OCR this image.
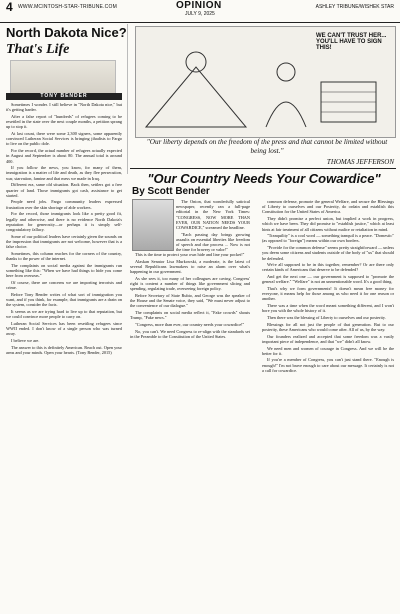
4 WWW.MCINTOSH-STAR-TRIBUNE.COM	OPINION
JULY 9, 2025
ASHLEY TRIBUNE/WISHEK STAR
North Dakota Nice?
That's Life
TONY BENDER

Sometimes I wonder. I still believe in "North Dakota nice," but it's getting harder.

After a false report of "hundreds" of refugees coming to be resettled in the state over the next couple months, a petition sprang up to stop it.

At last count, there were some 2,300 signers, some apparently convinced Lutheran Social Services is bringing jihadists to Fargo to live on the public dole.

For the record, the actual number of refugees actually expected in August and September is about 80. The annual total is around 400.

If you follow the news, you know, for many of them, immigration is a matter of life and death, as they flee persecution, war, starvation, famine and that mess we made in Iraq.

Different era, same old situation. Back then, settlers got a free quarter of land. Those immigrants got cash, assistance to get started.

People need jobs. Fargo community leaders expressed frustration over the skin shortage of able workers.

For the record, those immigrants look like a pretty good fit, legally and otherwise, and there is no evidence North Dakota's reputation for generosity—or perhaps it is simply self-congratulatory fallacy.

Some of our political leaders have certainly given the sounds on the impression that immigrants are not welcome, however that is a false choice.

Sometimes, this column reaches for the corners of the country, thanks to the power of the internet.

The complaints on social media against the immigrants run something like this: "When we have had things to hide you come here from overseas."

Of course, there are concerns we are importing terrorists and crime.

Before Tony Bender writes of what sort of immigration you want, and if you think, for example, that immigrants are a drain on the system, consider the facts.

It seems as we are trying hard to live up to that reputation, but we could convince more people to carry on.

Lutheran Social Services has been resettling refugees since WWII ended. I don't know of a single person who was turned away.

I believe we are.

The answer to this is definitely American. Reach out. Open your arms and your minds. Open your hearts. (Tony Bender, 2015)

WE CAN'T TRUST HER... YOU'LL HAVE TO SIGN THIS!
"Our liberty depends on the freedom of the press and that cannot be limited without being lost."
THOMAS JEFFERSON
"Our Country Needs Your Cowardice"
By Scott Bender

The Onion, that wonderfully satirical newspaper, recently ran a full-page editorial in the New York Times: "CONGRESS, NOW MORE THAN EVER, OUR NATION NEEDS YOUR COWARDICE," screamed the headline.

"Each passing day brings growing assaults on essential liberties like freedom of speech and due process ... Now is not the time for bravery or valor!"

This is the time to protect your own hide and line your pocket!"

Alaskan Senator Lisa Murkowski, a moderate, is the latest of several Republicans lawmakers to raise an alarm over what's happening in our government.

As she sees it, too many of her colleagues are caving. Congress' right is content a number of things like government slicing and spending, regulating trade, overseeing foreign policy.

Before Secretary of State Rubio, and George was the speaker of the House and the Senate voice, they said, "We must never adjust to the convenience of our dialogue."

The complaints on social media reflect it, "Fake crowds" shouts Trump, "Fake news."

"Congress, more than ever, our country needs your cowardice!"

No, you can't. We need Congress to re-align with the standards set in the Preamble to the Constitution of the United States.

common defense, promote the general Welfare, and secure the Blessings of Liberty to ourselves and our Posterity, do ordain and establish this Constitution for the United States of America.

They didn't promise a perfect union, but implied a work in progress, which we have been. They did promise to "establish justice," which at least hints at fair treatment of all citizens without malice or retaliation in mind.

"Tranquility" is a cool word — something tranquil is a peace. "Domestic" (as opposed to "foreign") means within our own borders.

"Provide for the common defense" seems pretty straightforward — unless you deem some citizens and students outside of the body of "us" that should be defended.

We're all supposed to be in this together, remember? Or are there only certain kinds of Americans that deserve to be defended?

And get the next one — our government is supposed to "promote the general welfare." "Welfare" is not an unmentionable word. It's a good thing.

That's why we form governments! It doesn't mean free money for everyone, it means help for those among us who need it for one reason or another.

There was a time when the word meant something different, and I won't bore you with the whole history of it.

Then there was the blessing of Liberty to ourselves and our posterity.

Blessings for all not just the people of that generation. But to our posterity, these Americans who would come after. All of us, by the way.

Our founders realized and accepted that some freedom was a vastly important piece of independence, and that "we" didn't all know.

We need men and women of courage in Congress. And we will be the better for it.

If you're a member of Congress, you can't just stand there. "Enough is enough!" I'm not brave enough to care about our message. It certainly is not a call for cowardice.
